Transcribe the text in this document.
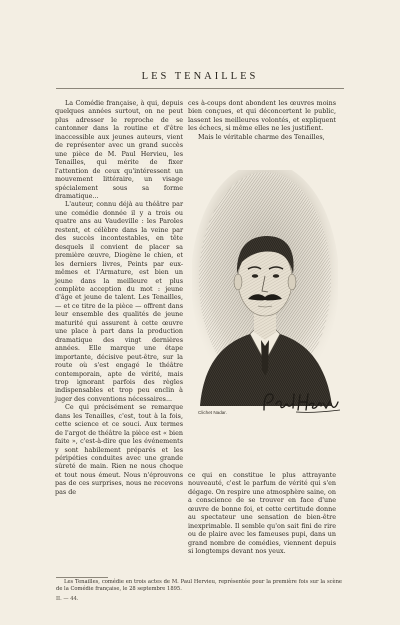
LES TENAILLES

La Comédie française, à qui, depuis quelques années surtout, on ne peut plus adresser le reproche de se cantonner dans la routine et d'être inaccessible aux jeunes auteurs, vient de représenter avec un grand succès une pièce de M. Paul Hervieu, les Tenailles, qui mérite de fixer l'attention de ceux qu'intéressent un mouvement littéraire, un visage spécialement sous sa forme dramatique...

L'auteur, connu déjà au théâtre par une comédie donnée il y a trois ou quatre ans au Vaudeville : les Paroles restent, et célèbre dans la veine par des succès incontestables, en tête desquels il convient de placer sa première œuvre, Diogène le chien, et les derniers livres, Peints par eux-mêmes et l'Armature, est bien un jeune dans la meilleure et plus complète acception du mot : jeune d'âge et jeune de talent. Les Tenailles, — et ce titre de la pièce — offrent dans leur ensemble des qualités de jeune maturité qui assurent à cette œuvre une place à part dans la production dramatique des vingt dernières années. Elle marque une étape importante, décisive peut-être, sur la route où s'est engagé le théâtre contemporain, apte de vérité, mais trop ignorant parfois des règles indispensables et trop peu enclin à juger des conventions nécessaires...

Ce qui précisément se remarque dans les Tenailles, c'est, tout à la fois, cette science et ce souci. Aux termes de l'argot de théâtre la pièce est « bien faite », c'est-à-dire que les événements y sont habilement préparés et les péripéties conduites avec une grande sûreté de main. Rien ne nous choque et tout nous émeut. Nous n'éprouvons pas de ces surprises, nous ne recevons pas de

ces à-coups dont abondent les œuvres moins bien conçues, et qui déconcertent le public, lassent les meilleures volontés, et expliquent les échecs, si même elles ne les justifient.

Mais le véritable charme des Tenailles,

Clichet Nadar.

ce qui en constitue le plus attrayante nouveauté, c'est le parfum de vérité qui s'en dégage. On respire une atmosphère saine, on a conscience de se trouver en face d'une œuvre de bonne foi, et cette certitude donne au spectateur une sensation de bien-être inexprimable. Il semble qu'on sait fini de rire ou de plaire avec les fameuses pupi, dans un grand nombre de comédies, viennent depuis si longtemps devant nos yeux.

Les Tenailles, comédie en trois actes de M. Paul Hervieu, représentée pour la première fois sur la scène de la Comédie française, le 28 septembre 1895.

II. — 44.
